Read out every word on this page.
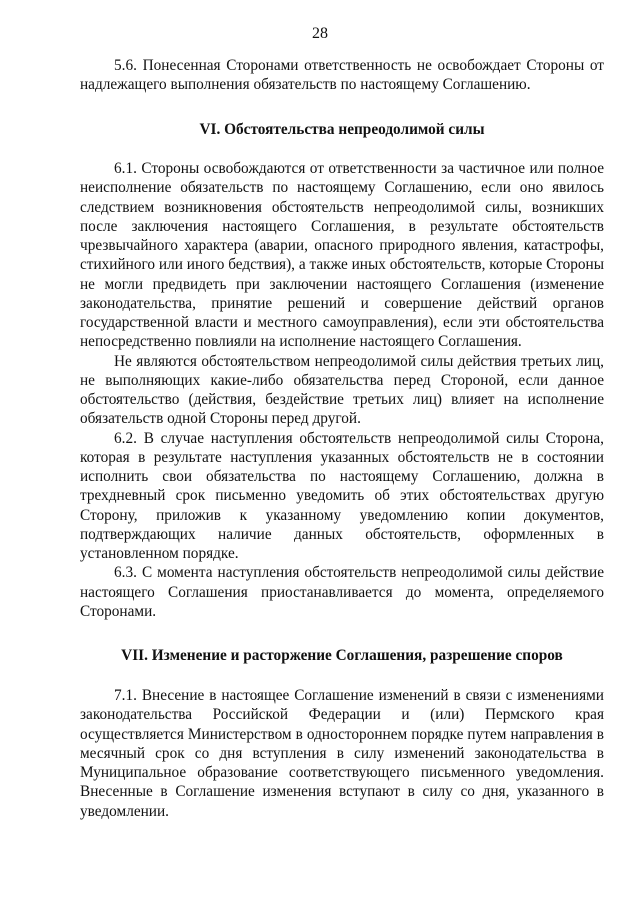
28

5.6. Понесенная Сторонами ответственность не освобождает Стороны от надлежащего выполнения обязательств по настоящему Соглашению.

VI. Обстоятельства непреодолимой силы

6.1. Стороны освобождаются от ответственности за частичное или полное неисполнение обязательств по настоящему Соглашению, если оно явилось следствием возникновения обстоятельств непреодолимой силы, возникших после заключения настоящего Соглашения, в результате обстоятельств чрезвычайного характера (аварии, опасного природного явления, катастрофы, стихийного или иного бедствия), а также иных обстоятельств, которые Стороны не могли предвидеть при заключении настоящего Соглашения (изменение законодательства, принятие решений и совершение действий органов государственной власти и местного самоуправления), если эти обстоятельства непосредственно повлияли на исполнение настоящего Соглашения.

Не являются обстоятельством непреодолимой силы действия третьих лиц, не выполняющих какие-либо обязательства перед Стороной, если данное обстоятельство (действия, бездействие третьих лиц) влияет на исполнение обязательств одной Стороны перед другой.

6.2. В случае наступления обстоятельств непреодолимой силы Сторона, которая в результате наступления указанных обстоятельств не в состоянии исполнить свои обязательства по настоящему Соглашению, должна в трехдневный срок письменно уведомить об этих обстоятельствах другую Сторону, приложив к указанному уведомлению копии документов, подтверждающих наличие данных обстоятельств, оформленных в установленном порядке.

6.3. С момента наступления обстоятельств непреодолимой силы действие настоящего Соглашения приостанавливается до момента, определяемого Сторонами.

VII. Изменение и расторжение Соглашения, разрешение споров

7.1. Внесение в настоящее Соглашение изменений в связи с изменениями законодательства Российской Федерации и (или) Пермского края осуществляется Министерством в одностороннем порядке путем направления в месячный срок со дня вступления в силу изменений законодательства в Муниципальное образование соответствующего письменного уведомления. Внесенные в Соглашение изменения вступают в силу со дня, указанного в уведомлении.
